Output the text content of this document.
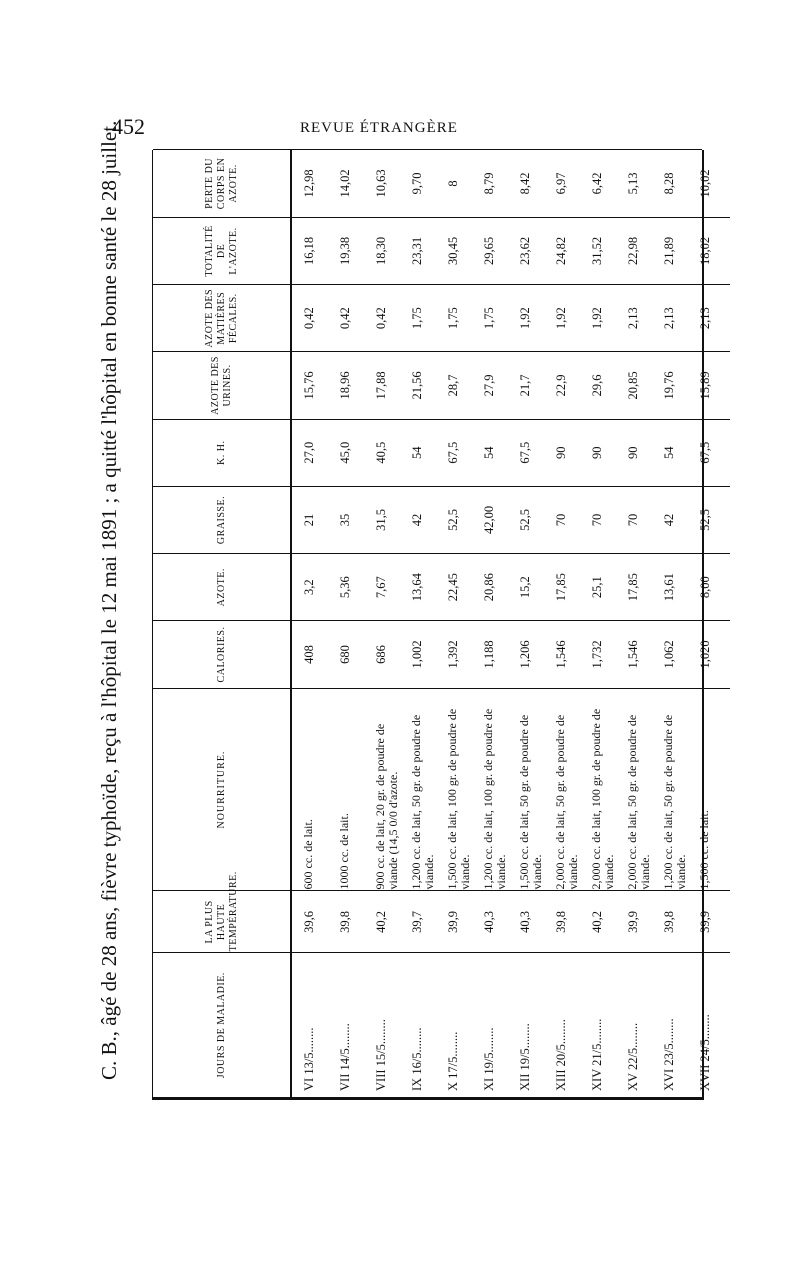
452	REVUE ÉTRANGÈRE
C. B., âgé de 28 ans, fièvre typhoïde, reçu à l'hôpital le 12 mai 1891 ; a quitté l'hôpital en bonne santé le 28 juillet.	JOURS DE MALADIE.	LA PLUS HAUTE TEMPÉRATURE.	NOURRITURE.	CALORIES.	AZOTE.	GRAISSE.	K. H.	AZOTE DES URINES.	AZOTE DES MATIÈRES FÉCALES.	TOTALITÉ DE L'AZOTE.	PERTE DU CORPS EN AZOTE.
VI 13/5........	39,6	600 cc. de lait.	408	3,2	21	27,0	15,76	0,42	16,18	12,98
VII 14/5........	39,8	1000 cc. de lait.	680	5,36	35	45,0	18,96	0,42	19,38	14,02
VIII 15/5........	40,2	900 cc. de lait, 20 gr. de poudre de viande (14,5 0/0 d'azote.	686	7,67	31,5	40,5	17,88	0,42	18,30	10,63
IX 16/5........	39,7	1,200 cc. de lait, 50 gr. de poudre de viande.	1,002	13,64	42	54	21,56	1,75	23,31	9,70
X 17/5........	39,9	1,500 cc. de lait, 100 gr. de poudre de viande.	1,392	22,45	52,5	67,5	28,7	1,75	30,45	8
XI 19/5........	40,3	1,200 cc. de lait, 100 gr. de poudre de viande.	1,188	20,86	42,00	54	27,9	1,75	29,65	8,79
XII 19/5........	40,3	1,500 cc. de lait, 50 gr. de poudre de viande.	1,206	15,2	52,5	67,5	21,7	1,92	23,62	8,42
XIII 20/5........	39,8	2,000 cc. de lait, 50 gr. de poudre de viande.	1,546	17,85	70	90	22,9	1,92	24,82	6,97
XIV 21/5........	40,2	2,000 cc. de lait, 100 gr. de poudre de viande.	1,732	25,1	70	90	29,6	1,92	31,52	6,42
XV 22/5........	39,9	2,000 cc. de lait, 50 gr. de poudre de viande.	1,546	17,85	70	90	20,85	2,13	22,98	5,13
XVI 23/5........	39,8	1,200 cc. de lait, 50 gr. de poudre de viande.	1,062	13,61	42	54	19,76	2,13	21,89	8,28
XVII 24/5........	39,9	1,500 cc. de lait.	1,020	8,00	52,5	67,5	15,89	2,13	18,02	10,02
